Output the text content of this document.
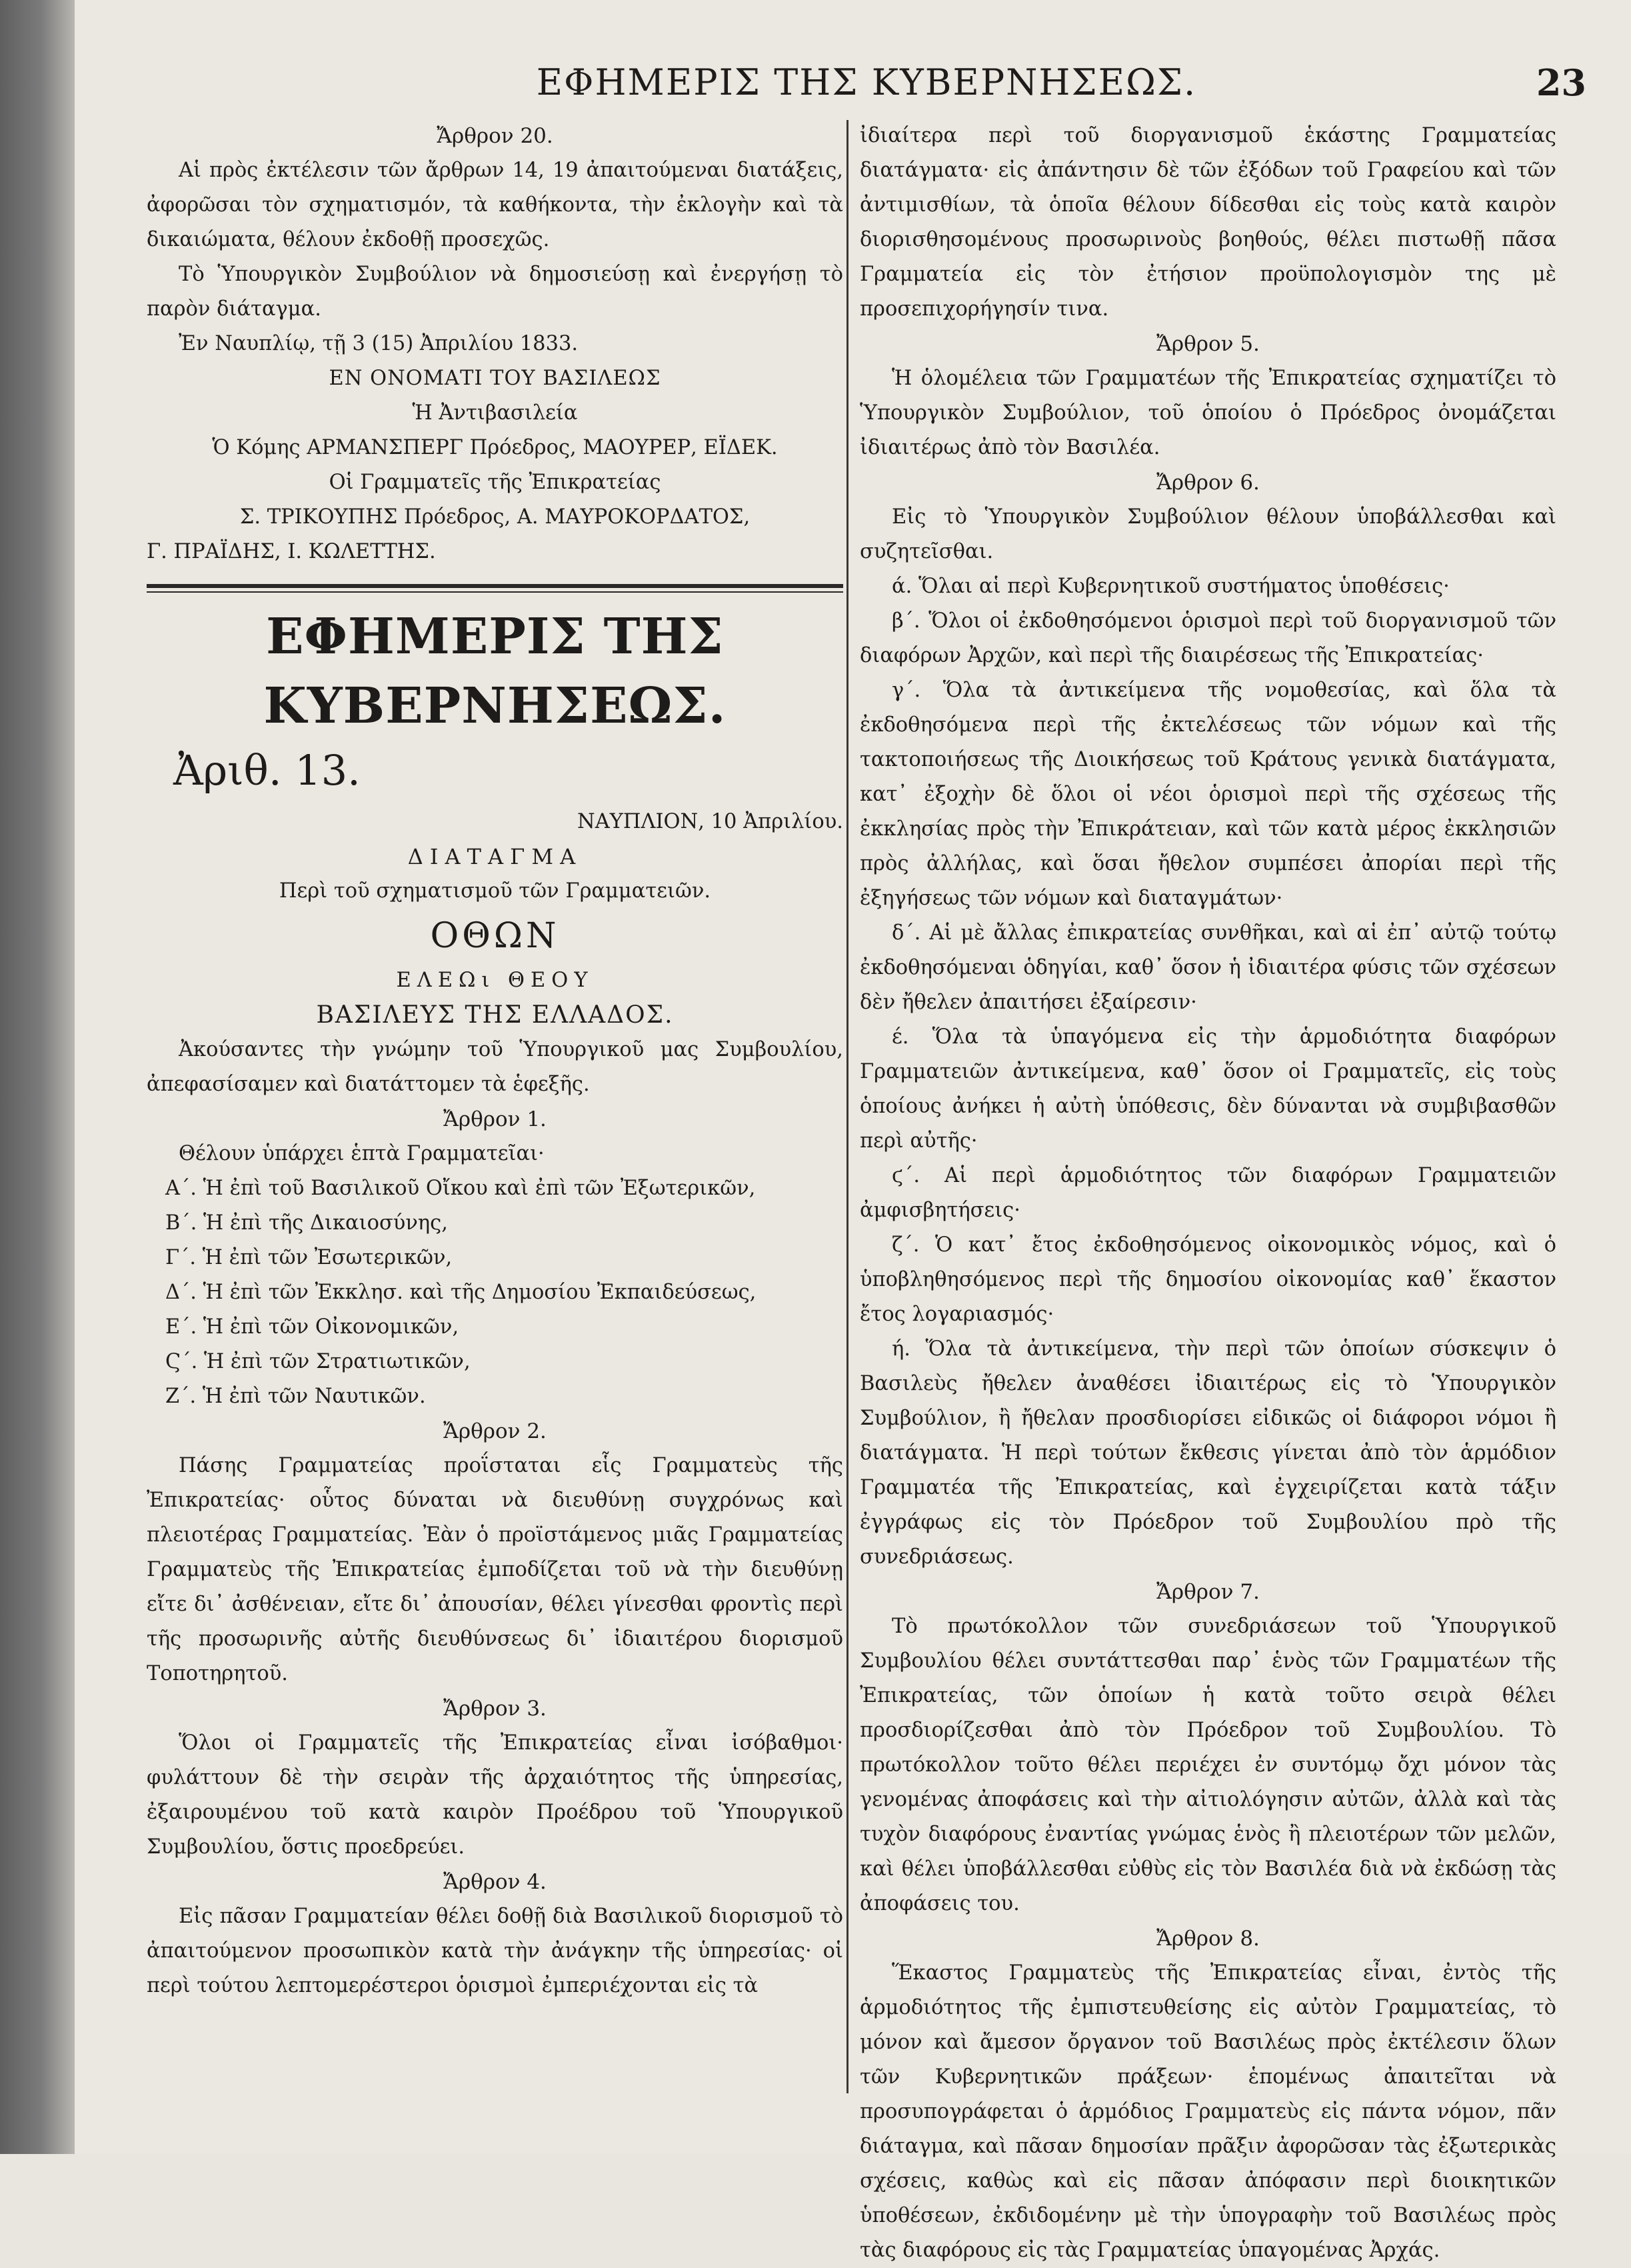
ΕΦΗΜΕΡΙΣ ΤΗΣ ΚΥΒΕΡΝΗΣΕΩΣ.	23

Ἄρθρον 20.

Αἱ πρὸς ἐκτέλεσιν τῶν ἄρθρων 14, 19 ἀπαιτούμεναι διατάξεις, ἀφορῶσαι τὸν σχηματισμόν, τὰ καθήκοντα, τὴν ἐκλογὴν καὶ τὰ δικαιώματα, θέλουν ἐκδοθῇ προσεχῶς.

Τὸ Ὑπουργικὸν Συμβούλιον νὰ δημοσιεύσῃ καὶ ἐνεργήσῃ τὸ παρὸν διάταγμα.

Ἐν Ναυπλίῳ, τῇ 3 (15) Ἀπριλίου 1833.

ΕΝ ΟΝΟΜΑΤΙ ΤΟΥ ΒΑΣΙΛΕΩΣ

Ἡ Ἀντιβασιλεία

Ὁ Κόμης ΑΡΜΑΝΣΠΕΡΓ Πρόεδρος, ΜΑΟΥΡΕΡ, ΕΪΔΕΚ.

Οἱ Γραμματεῖς τῆς Ἐπικρατείας

Σ. ΤΡΙΚΟΥΠΗΣ Πρόεδρος, Α. ΜΑΥΡΟΚΟΡΔΑΤΟΣ,

Γ. ΠΡΑΪΔΗΣ, Ι. ΚΩΛΕΤΤΗΣ.

ΕΦΗΜΕΡΙΣ ΤΗΣ ΚΥΒΕΡΝΗΣΕΩΣ.
Ἀριθ. 13.

ΝΑΥΠΛΙΟΝ, 10 Ἀπριλίου.

ΔΙΑΤΑΓΜΑ

Περὶ τοῦ σχηματισμοῦ τῶν Γραμματειῶν.

ΟΘΩΝ

ΕΛΕΩι ΘΕΟΥ

ΒΑΣΙΛΕΥΣ ΤΗΣ ΕΛΛΑΔΟΣ.

Ἀκούσαντες τὴν γνώμην τοῦ Ὑπουργικοῦ μας Συμβουλίου, ἀπεφασίσαμεν καὶ διατάττομεν τὰ ἑφεξῆς.

Ἄρθρον 1.

Θέλουν ὑπάρχει ἑπτὰ Γραμματεῖαι·

Α΄. Ἡ ἐπὶ τοῦ Βασιλικοῦ Οἴκου καὶ ἐπὶ τῶν Ἐξωτερικῶν,

Β΄. Ἡ ἐπὶ τῆς Δικαιοσύνης,

Γ΄. Ἡ ἐπὶ τῶν Ἐσωτερικῶν,

Δ΄. Ἡ ἐπὶ τῶν Ἐκκλησ. καὶ τῆς Δημοσίου Ἐκπαιδεύσεως,

Ε΄. Ἡ ἐπὶ τῶν Οἰκονομικῶν,

Ϛ΄. Ἡ ἐπὶ τῶν Στρατιωτικῶν,

Ζ΄. Ἡ ἐπὶ τῶν Ναυτικῶν.

Ἄρθρον 2.

Πάσης Γραμματείας προΐσταται εἷς Γραμματεὺς τῆς Ἐπικρατείας· οὗτος δύναται νὰ διευθύνῃ συγχρόνως καὶ πλειοτέρας Γραμματείας. Ἐὰν ὁ προϊστάμενος μιᾶς Γραμματείας Γραμματεὺς τῆς Ἐπικρατείας ἐμποδίζεται τοῦ νὰ τὴν διευθύνῃ εἴτε δι᾽ ἀσθένειαν, εἴτε δι᾽ ἀπουσίαν, θέλει γίνεσθαι φροντὶς περὶ τῆς προσωρινῆς αὐτῆς διευθύνσεως δι᾽ ἰδιαιτέρου διορισμοῦ Τοποτηρητοῦ.

Ἄρθρον 3.

Ὅλοι οἱ Γραμματεῖς τῆς Ἐπικρατείας εἶναι ἰσόβαθμοι· φυλάττουν δὲ τὴν σειρὰν τῆς ἀρχαιότητος τῆς ὑπηρεσίας, ἐξαιρουμένου τοῦ κατὰ καιρὸν Προέδρου τοῦ Ὑπουργικοῦ Συμβουλίου, ὅστις προεδρεύει.

Ἄρθρον 4.

Εἰς πᾶσαν Γραμματείαν θέλει δοθῇ διὰ Βασιλικοῦ διορισμοῦ τὸ ἀπαιτούμενον προσωπικὸν κατὰ τὴν ἀνάγκην τῆς ὑπηρεσίας· οἱ περὶ τούτου λεπτομερέστεροι ὁρισμοὶ ἐμπεριέχονται εἰς τὰ

ἰδιαίτερα περὶ τοῦ διοργανισμοῦ ἑκάστης Γραμματείας διατάγματα· εἰς ἀπάντησιν δὲ τῶν ἐξόδων τοῦ Γραφείου καὶ τῶν ἀντιμισθίων, τὰ ὁποῖα θέλουν δίδεσθαι εἰς τοὺς κατὰ καιρὸν διορισθησομένους προσωρινοὺς βοηθούς, θέλει πιστωθῇ πᾶσα Γραμματεία εἰς τὸν ἐτήσιον προϋπολογισμὸν της μὲ προσεπιχορήγησίν τινα.

Ἄρθρον 5.

Ἡ ὁλομέλεια τῶν Γραμματέων τῆς Ἐπικρατείας σχηματίζει τὸ Ὑπουργικὸν Συμβούλιον, τοῦ ὁποίου ὁ Πρόεδρος ὀνομάζεται ἰδιαιτέρως ἀπὸ τὸν Βασιλέα.

Ἄρθρον 6.

Εἰς τὸ Ὑπουργικὸν Συμβούλιον θέλουν ὑποβάλλεσθαι καὶ συζητεῖσθαι.

ά. Ὅλαι αἱ περὶ Κυβερνητικοῦ συστήματος ὑποθέσεις·

β΄. Ὅλοι οἱ ἐκδοθησόμενοι ὁρισμοὶ περὶ τοῦ διοργανισμοῦ τῶν διαφόρων Ἀρχῶν, καὶ περὶ τῆς διαιρέσεως τῆς Ἐπικρατείας·

γ΄. Ὅλα τὰ ἀντικείμενα τῆς νομοθεσίας, καὶ ὅλα τὰ ἐκδοθησόμενα περὶ τῆς ἐκτελέσεως τῶν νόμων καὶ τῆς τακτοποιήσεως τῆς Διοικήσεως τοῦ Κράτους γενικὰ διατάγματα, κατ᾽ ἐξοχὴν δὲ ὅλοι οἱ νέοι ὁρισμοὶ περὶ τῆς σχέσεως τῆς ἐκκλησίας πρὸς τὴν Ἐπικράτειαν, καὶ τῶν κατὰ μέρος ἐκκλησιῶν πρὸς ἀλλήλας, καὶ ὅσαι ἤθελον συμπέσει ἀπορίαι περὶ τῆς ἐξηγήσεως τῶν νόμων καὶ διαταγμάτων·

δ΄. Αἱ μὲ ἄλλας ἐπικρατείας συνθῆκαι, καὶ αἱ ἐπ᾽ αὐτῷ τούτῳ ἐκδοθησόμεναι ὁδηγίαι, καθ᾽ ὅσον ἡ ἰδιαιτέρα φύσις τῶν σχέσεων δὲν ἤθελεν ἀπαιτήσει ἐξαίρεσιν·

έ. Ὅλα τὰ ὑπαγόμενα εἰς τὴν ἁρμοδιότητα διαφόρων Γραμματειῶν ἀντικείμενα, καθ᾽ ὅσον οἱ Γραμματεῖς, εἰς τοὺς ὁποίους ἀνήκει ἡ αὐτὴ ὑπόθεσις, δὲν δύνανται νὰ συμβιβασθῶν περὶ αὐτῆς·

ϛ΄. Αἱ περὶ ἁρμοδιότητος τῶν διαφόρων Γραμματειῶν ἀμφισβητήσεις·

ζ΄. Ὁ κατ᾽ ἔτος ἐκδοθησόμενος οἰκονομικὸς νόμος, καὶ ὁ ὑποβληθησόμενος περὶ τῆς δημοσίου οἰκονομίας καθ᾽ ἕκαστον ἔτος λογαριασμός·

ή. Ὅλα τὰ ἀντικείμενα, τὴν περὶ τῶν ὁποίων σύσκεψιν ὁ Βασιλεὺς ἤθελεν ἀναθέσει ἰδιαιτέρως εἰς τὸ Ὑπουργικὸν Συμβούλιον, ἢ ἤθελαν προσδιορίσει εἰδικῶς οἱ διάφοροι νόμοι ἢ διατάγματα. Ἡ περὶ τούτων ἔκθεσις γίνεται ἀπὸ τὸν ἁρμόδιον Γραμματέα τῆς Ἐπικρατείας, καὶ ἐγχειρίζεται κατὰ τάξιν ἐγγράφως εἰς τὸν Πρόεδρον τοῦ Συμβουλίου πρὸ τῆς συνεδριάσεως.

Ἄρθρον 7.

Τὸ πρωτόκολλον τῶν συνεδριάσεων τοῦ Ὑπουργικοῦ Συμβουλίου θέλει συντάττεσθαι παρ᾽ ἑνὸς τῶν Γραμματέων τῆς Ἐπικρατείας, τῶν ὁποίων ἡ κατὰ τοῦτο σειρὰ θέλει προσδιορίζεσθαι ἀπὸ τὸν Πρόεδρον τοῦ Συμβουλίου. Τὸ πρωτόκολλον τοῦτο θέλει περιέχει ἐν συντόμῳ ὄχι μόνον τὰς γενομένας ἀποφάσεις καὶ τὴν αἰτιολόγησιν αὐτῶν, ἀλλὰ καὶ τὰς τυχὸν διαφόρους ἐναντίας γνώμας ἑνὸς ἢ πλειοτέρων τῶν μελῶν, καὶ θέλει ὑποβάλλεσθαι εὐθὺς εἰς τὸν Βασιλέα διὰ νὰ ἐκδώσῃ τὰς ἀποφάσεις του.

Ἄρθρον 8.

Ἕκαστος Γραμματεὺς τῆς Ἐπικρατείας εἶναι, ἐντὸς τῆς ἁρμοδιότητος τῆς ἐμπιστευθείσης εἰς αὐτὸν Γραμματείας, τὸ μόνον καὶ ἄμεσον ὄργανον τοῦ Βασιλέως πρὸς ἐκτέλεσιν ὅλων τῶν Κυβερνητικῶν πράξεων· ἑπομένως ἀπαιτεῖται νὰ προσυπογράφεται ὁ ἁρμόδιος Γραμματεὺς εἰς πάντα νόμον, πᾶν διάταγμα, καὶ πᾶσαν δημοσίαν πρᾶξιν ἀφορῶσαν τὰς ἐξωτερικὰς σχέσεις, καθὼς καὶ εἰς πᾶσαν ἀπόφασιν περὶ διοικητικῶν ὑποθέσεων, ἐκδιδομένην μὲ τὴν ὑπογραφὴν τοῦ Βασιλέως πρὸς τὰς διαφόρους εἰς τὰς Γραμματείας ὑπαγομένας Ἀρχάς.
